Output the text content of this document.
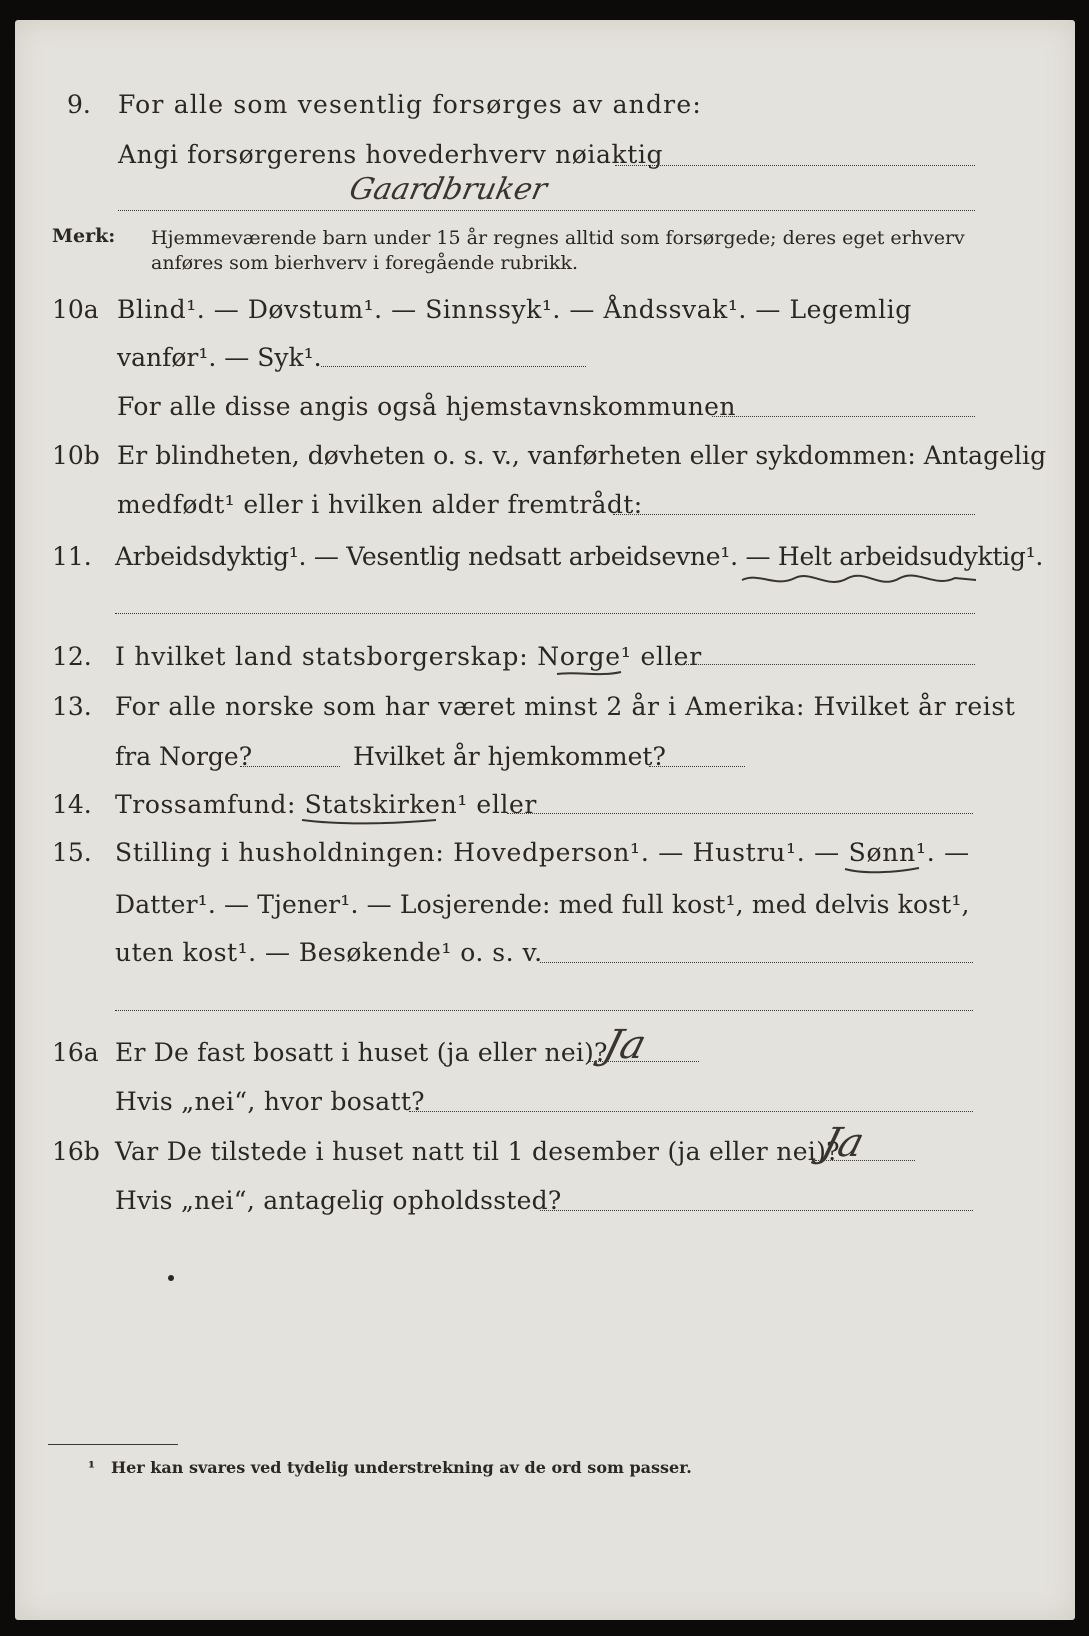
9. For alle som vesentlig forsørges av andre:
Angi forsørgerens hovederhverv nøiaktig
Gaardbruker
Merk: Hjemmeværende barn under 15 år regnes alltid som forsørgede; deres eget erhverv
anføres som bierhverv i foregående rubrikk.
10a Blind¹. — Døvstum¹. — Sinnssyk¹. — Åndssvak¹. — Legemlig
vanfør¹. — Syk¹.
For alle disse angis også hjemstavnskommunen
10b Er blindheten, døvheten o. s. v., vanførheten eller sykdommen: Antagelig
medfødt¹ eller i hvilken alder fremtrådt:
11. Arbeidsdyktig¹. — Vesentlig nedsatt arbeidsevne¹. — Helt arbeidsudyktig¹.
12. I hvilket land statsborgerskap: Norge¹ eller
13. For alle norske som har været minst 2 år i Amerika: Hvilket år reist
fra Norge?	Hvilket år hjemkommet?
14. Trossamfund: Statskirken¹ eller
15. Stilling i husholdningen: Hovedperson¹. — Hustru¹. — Sønn¹. —
Datter¹. — Tjener¹. — Losjerende: med full kost¹, med delvis kost¹,
uten kost¹. — Besøkende¹ o. s. v.
16a Er De fast bosatt i huset (ja eller nei)?
Ja
Hvis „nei“, hvor bosatt?
16b Var De tilstede i huset natt til 1 desember (ja eller nei)?
Ja
Hvis „nei“, antagelig opholdssted?
¹ Her kan svares ved tydelig understrekning av de ord som passer.
